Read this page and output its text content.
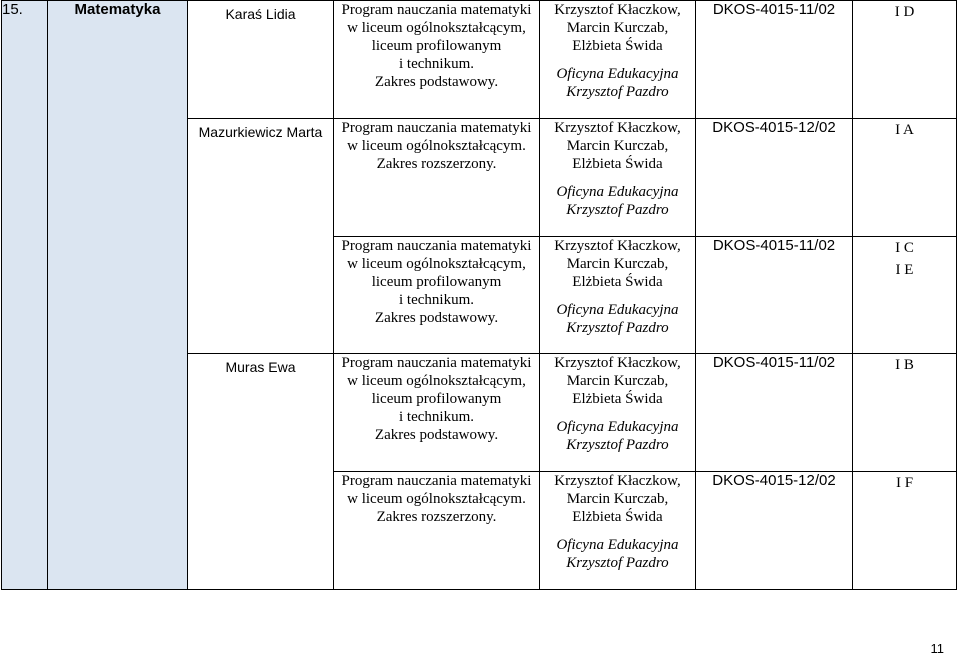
15.	Matematyka	Karaś Lidia	Program nauczania matematyki
w liceum ogólnokształcącym,
liceum profilowanym
i technikum.
Zakres podstawowy.	Krzysztof Kłaczkow,
Marcin Kurczab,
Elżbieta Świda
Oficyna Edukacyjna
Krzysztof Pazdro	DKOS-4015-11/02	I D

		Mazurkiewicz Marta	Program nauczania matematyki
w liceum ogólnokształcącym.
Zakres rozszerzony.	Krzysztof Kłaczkow,
Marcin Kurczab,
Elżbieta Świda
Oficyna Edukacyjna
Krzysztof Pazdro	DKOS-4015-12/02	I A

			Program nauczania matematyki
w liceum ogólnokształcącym,
liceum profilowanym
i technikum.
Zakres podstawowy.	Krzysztof Kłaczkow,
Marcin Kurczab,
Elżbieta Świda
Oficyna Edukacyjna
Krzysztof Pazdro	DKOS-4015-11/02	I C
I E

		Muras Ewa	Program nauczania matematyki
w liceum ogólnokształcącym,
liceum profilowanym
i technikum.
Zakres podstawowy.	Krzysztof Kłaczkow,
Marcin Kurczab,
Elżbieta Świda
Oficyna Edukacyjna
Krzysztof Pazdro	DKOS-4015-11/02	I B

			Program nauczania matematyki
w liceum ogólnokształcącym.
Zakres rozszerzony.	Krzysztof Kłaczkow,
Marcin Kurczab,
Elżbieta Świda
Oficyna Edukacyjna
Krzysztof Pazdro	DKOS-4015-12/02	I F
11
